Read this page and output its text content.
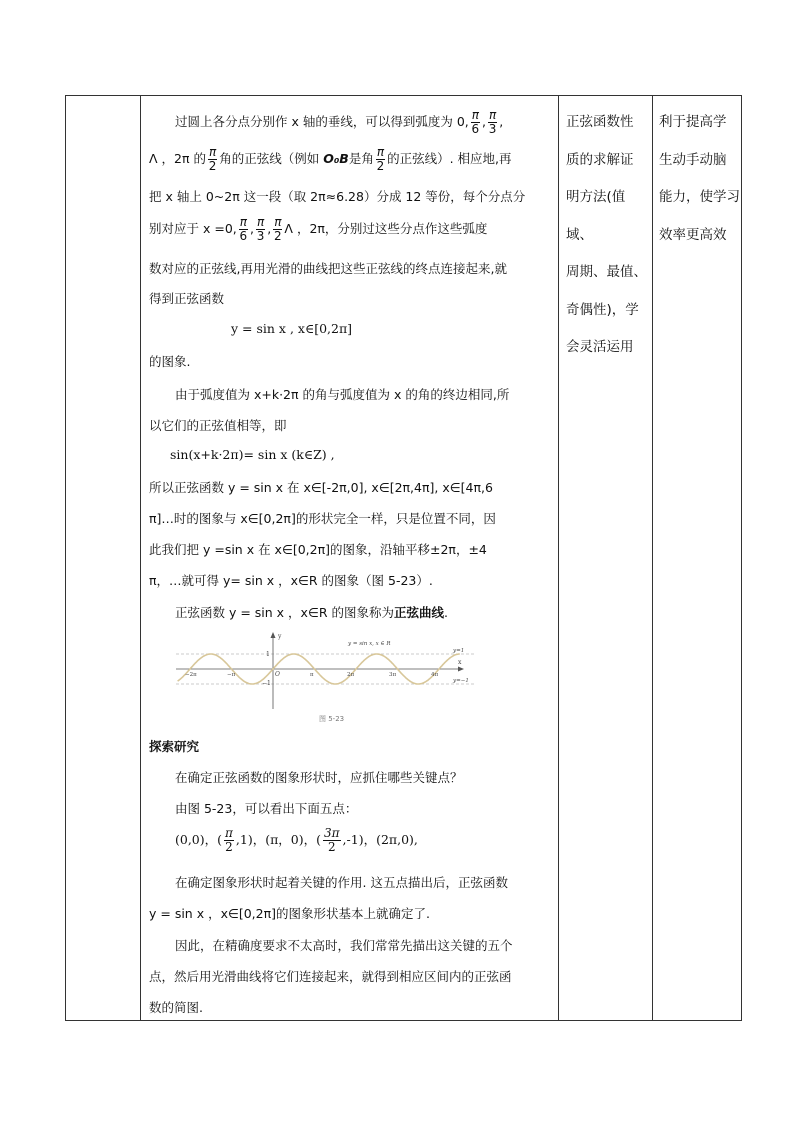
过圆上各分点分别作 x 轴的垂线，可以得到弧度为 0, $\frac{\pi}{6}$ , $\frac{\pi}{3}$ ,
Λ ，2π 的 $\frac{\pi}{2}$ 角的正弦线（例如 O₀B是角 $\frac{\pi}{2}$ 的正弦线）. 相应地,再
把 x 轴上 0~2π 这一段（取 2π≈6.28）分成 12 等份，每个分点分
别对应于 x =0, $\frac{\pi}{6}$ , $\frac{\pi}{3}$ , $\frac{\pi}{2}$ Λ ，2π，分别过这些分点作这些弧度
数对应的正弦线,再用光滑的曲线把这些正弦线的终点连接起来,就
得到正弦函数
y = sin x , x∈[0,2π]
的图象.
由于弧度值为 x+k·2π 的角与弧度值为 x 的角的终边相同,所
以它们的正弦值相等，即
sin(x+k·2π)= sin x (k∈Z) ,
所以正弦函数 y = sin x 在 x∈[-2π,0], x∈[2π,4π], x∈[4π,6
π]…时的图象与 x∈[0,2π]的形状完全一样，只是位置不同，因
此我们把 y =sin x 在 x∈[0,2π]的图象，沿轴平移±2π，±4
π，…就可得 y= sin x ，x∈R 的图象（图 5-23）.
正弦函数 y = sin x ，x∈R 的图象称为正弦曲线.
y
x
O
1
−1
y = sin x, x ∈ R
y=1
y=−1
−2π	−π	π	2π	3π	4π
图 5-23
探索研究
在确定正弦函数的图象形状时，应抓住哪些关键点？
由图 5-23，可以看出下面五点：
(0,0)，( $\frac{\pi}{2} ,1$)，(π，0)，( $\frac{3\pi}{2} ,-1$)，(2π,0),
在确定图象形状时起着关键的作用. 这五点描出后，正弦函数
y = sin x ，x∈[0,2π]的图象形状基本上就确定了.
因此，在精确度要求不太高时，我们常常先描出这关键的五个
点，然后用光滑曲线将它们连接起来，就得到相应区间内的正弦函
数的简图.
正弦函数性
质的求解证
明方法(值域、
周期、最值、
奇偶性)，学
会灵活运用
利于提高学
生动手动脑
能力，使学习
效率更高效
